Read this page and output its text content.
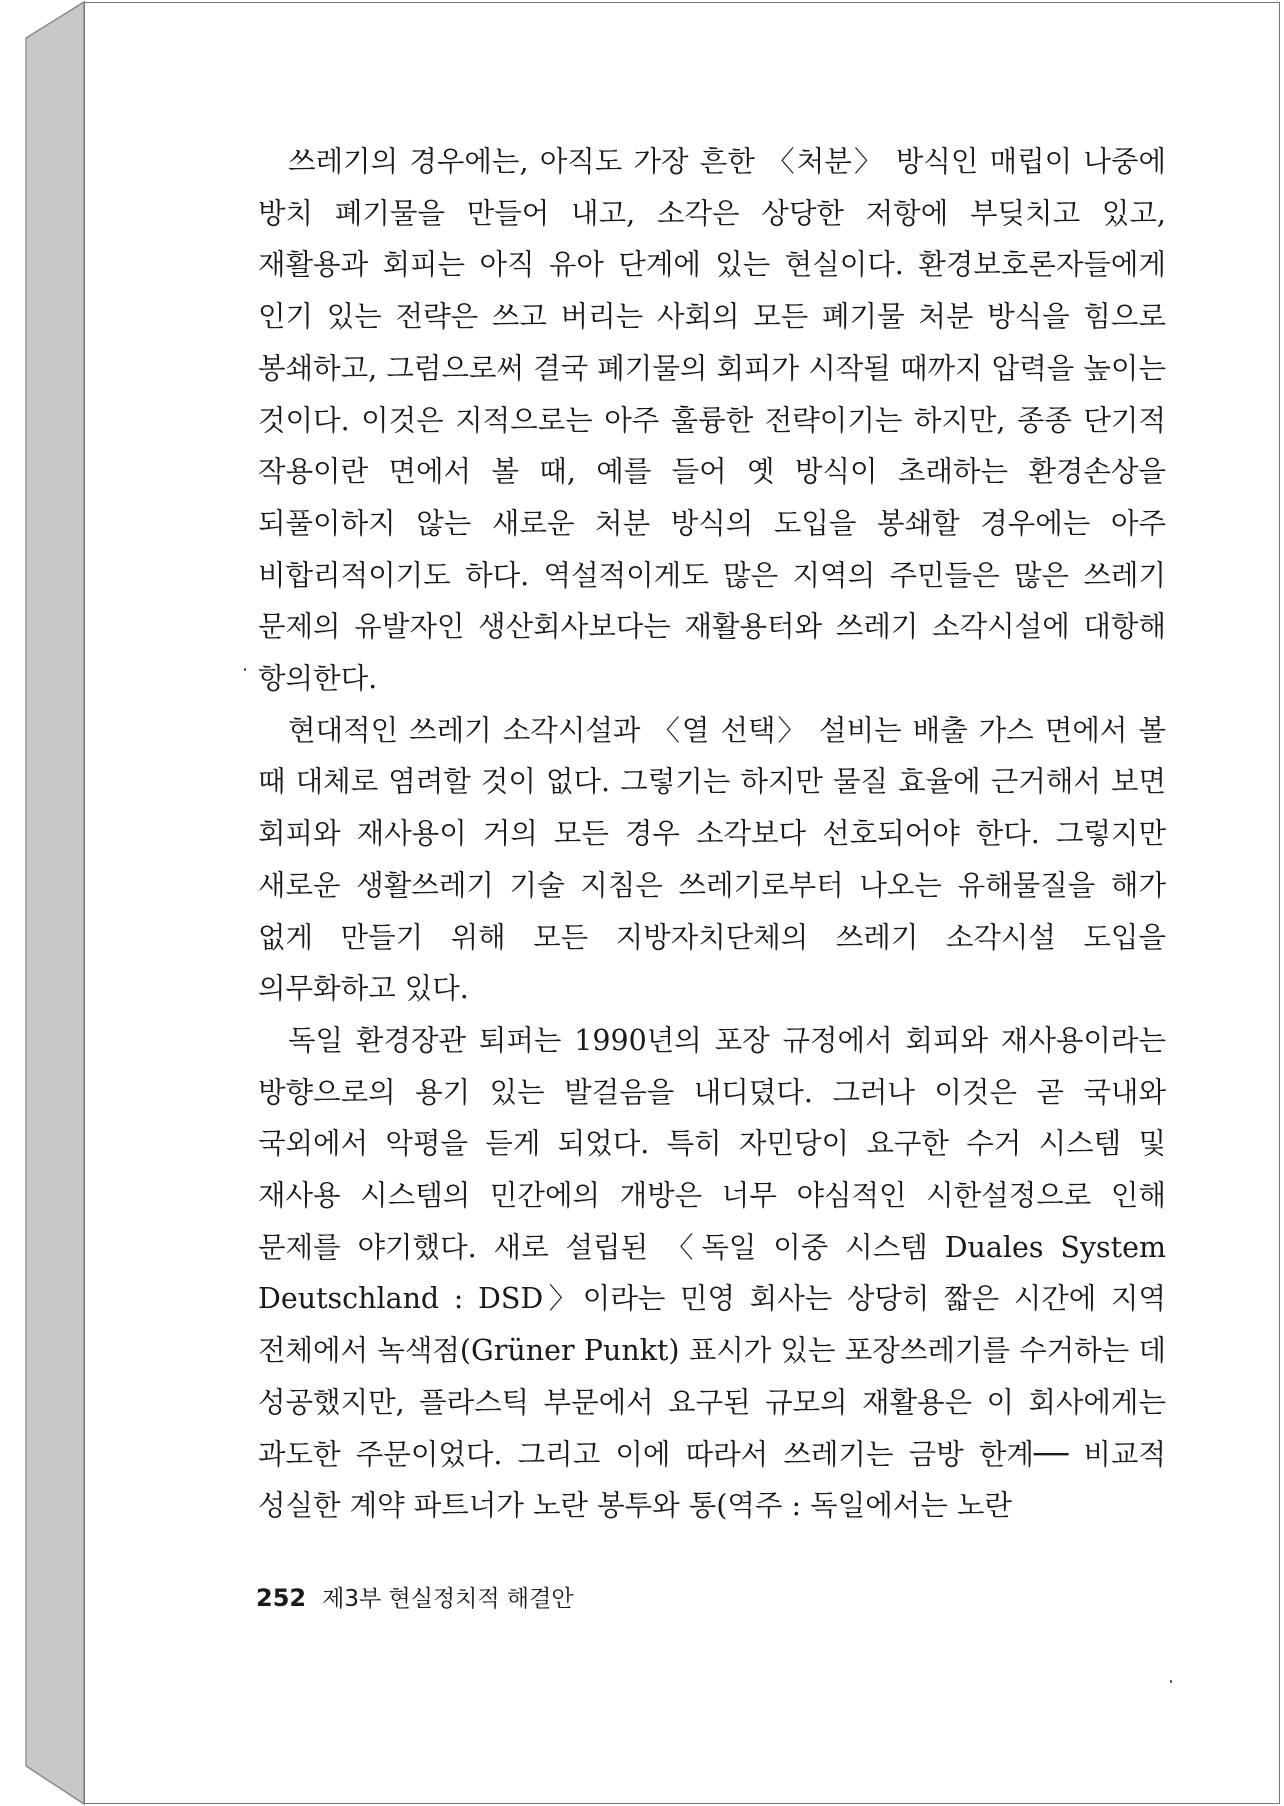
쓰레기의 경우에는, 아직도 가장 흔한 〈처분〉 방식인 매립이 나중에 방치 폐기물을 만들어 내고, 소각은 상당한 저항에 부딪치고 있고, 재활용과 회피는 아직 유아 단계에 있는 현실이다. 환경보호론자들에게 인기 있는 전략은 쓰고 버리는 사회의 모든 폐기물 처분 방식을 힘으로 봉쇄하고, 그럼으로써 결국 폐기물의 회피가 시작될 때까지 압력을 높이는 것이다. 이것은 지적으로는 아주 훌륭한 전략이기는 하지만, 종종 단기적 작용이란 면에서 볼 때, 예를 들어 옛 방식이 초래하는 환경손상을 되풀이하지 않는 새로운 처분 방식의 도입을 봉쇄할 경우에는 아주 비합리적이기도 하다. 역설적이게도 많은 지역의 주민들은 많은 쓰레기 문제의 유발자인 생산회사보다는 재활용터와 쓰레기 소각시설에 대항해 항의한다.

현대적인 쓰레기 소각시설과 〈열 선택〉 설비는 배출 가스 면에서 볼 때 대체로 염려할 것이 없다. 그렇기는 하지만 물질 효율에 근거해서 보면 회피와 재사용이 거의 모든 경우 소각보다 선호되어야 한다. 그렇지만 새로운 생활쓰레기 기술 지침은 쓰레기로부터 나오는 유해물질을 해가 없게 만들기 위해 모든 지방자치단체의 쓰레기 소각시설 도입을 의무화하고 있다.

독일 환경장관 퇴퍼는 1990년의 포장 규정에서 회피와 재사용이라는 방향으로의 용기 있는 발걸음을 내디뎠다. 그러나 이것은 곧 국내와 국외에서 악평을 듣게 되었다. 특히 자민당이 요구한 수거 시스템 및 재사용 시스템의 민간에의 개방은 너무 야심적인 시한설정으로 인해 문제를 야기했다. 새로 설립된 〈독일 이중 시스템 Duales System Deutschland : DSD〉이라는 민영 회사는 상당히 짧은 시간에 지역 전체에서 녹색점(Grüner Punkt) 표시가 있는 포장쓰레기를 수거하는 데 성공했지만, 플라스틱 부문에서 요구된 규모의 재활용은 이 회사에게는 과도한 주문이었다. 그리고 이에 따라서 쓰레기는 금방 한계── 비교적 성실한 계약 파트너가 노란 봉투와 통(역주 : 독일에서는 노란

252 제3부 현실정치적 해결안
